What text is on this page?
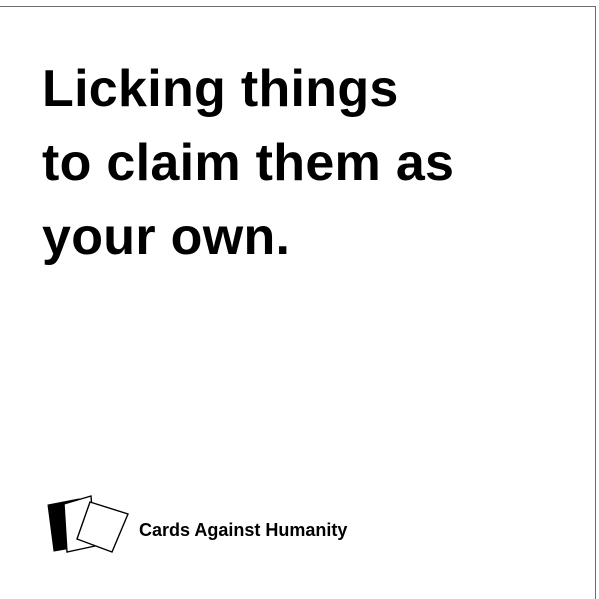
Licking things
to claim them as
your own.

Cards Against Humanity
